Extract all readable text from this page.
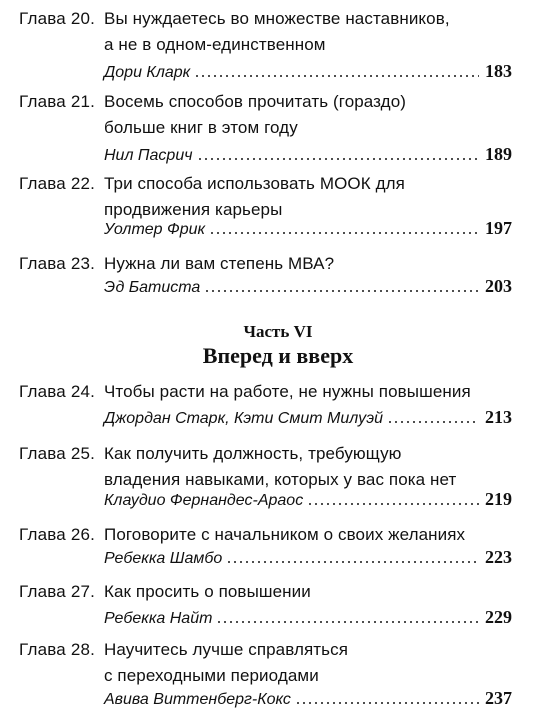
Глава 20. Вы нуждаетесь во множестве наставников,
а не в одном-единственном
Дори Кларк	183
Глава 21. Восемь способов прочитать (гораздо)
больше книг в этом году
Нил Пасрич	189
Глава 22. Три способа использовать МООК для
продвижения карьеры
Уолтер Фрик	197
Глава 23. Нужна ли вам степень МВА?
Эд Батиста	203
Часть VI
Вперед и вверх
Глава 24. Чтобы расти на работе, не нужны повышения
Джордан Старк, Кэти Смит Милуэй	213
Глава 25. Как получить должность, требующую
владения навыками, которых у вас пока нет
Клаудио Фернандес-Араос	219
Глава 26. Поговорите с начальником о своих желаниях
Ребекка Шамбо	223
Глава 27. Как просить о повышении
Ребекка Найт	229
Глава 28. Научитесь лучше справляться
с переходными периодами
Авива Виттенберг-Кокс	237
